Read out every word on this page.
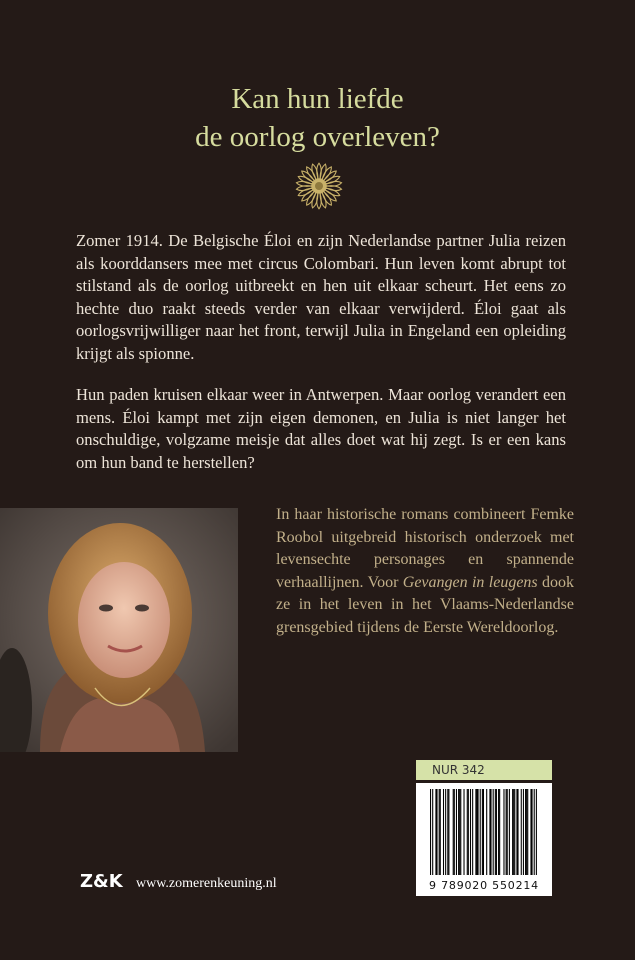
Kan hun liefde
de oorlog overleven?
Zomer 1914. De Belgische Éloi en zijn Nederlandse partner Julia reizen als koorddansers mee met circus Colombari. Hun leven komt abrupt tot stilstand als de oorlog uitbreekt en hen uit elkaar scheurt. Het eens zo hechte duo raakt steeds verder van elkaar verwijderd. Éloi gaat als oorlogsvrijwilliger naar het front, terwijl Julia in Engeland een opleiding krijgt als spionne.
Hun paden kruisen elkaar weer in Antwerpen. Maar oorlog verandert een mens. Éloi kampt met zijn eigen demonen, en Julia is niet langer het onschuldige, volgzame meisje dat alles doet wat hij zegt. Is er een kans om hun band te herstellen?
In haar historische romans combineert Femke Roobol uitgebreid historisch onderzoek met levensechte personages en spannende verhaallijnen. Voor Gevangen in leugens dook ze in het leven in het Vlaams-Nederlandse grensgebied tijdens de Eerste Wereldoorlog.
NUR 342
9 789020 550214
Z&K www.zomerenkeuning.nl
